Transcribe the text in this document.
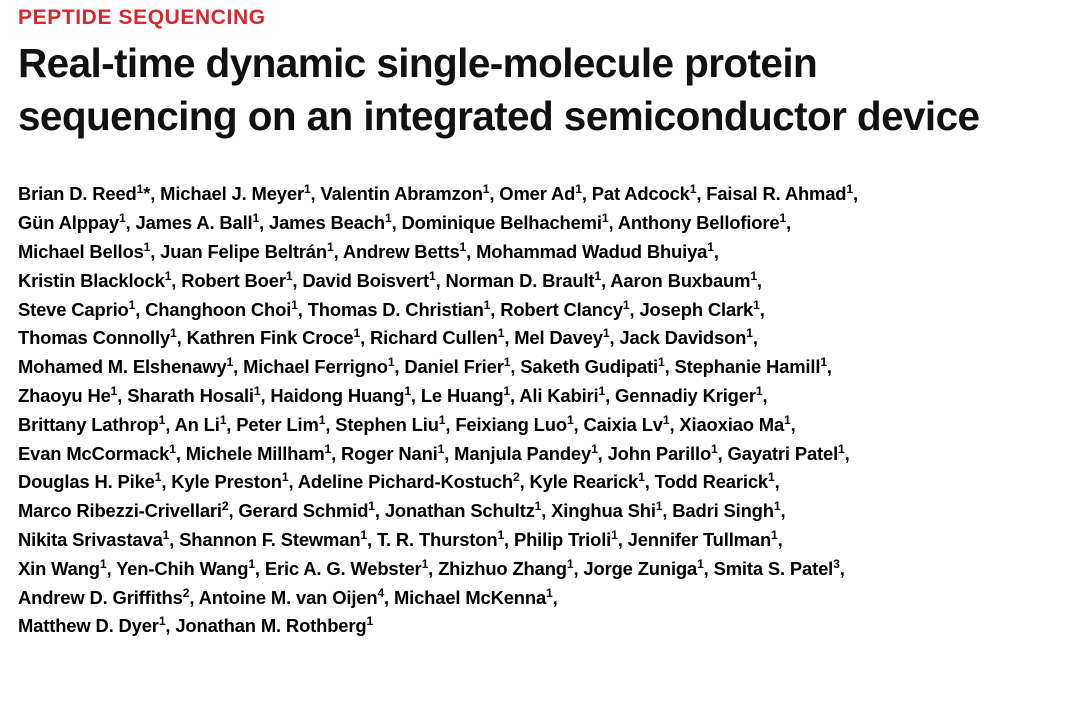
PEPTIDE SEQUENCING
Real-time dynamic single-molecule protein
sequencing on an integrated semiconductor device
Brian D. Reed$^1$*, Michael J. Meyer$^1$, Valentin Abramzon$^1$, Omer Ad$^1$, Pat Adcock$^1$, Faisal R. Ahmad$^1$,
Gün Alppay$^1$, James A. Ball$^1$, James Beach$^1$, Dominique Belhachemi$^1$, Anthony Bellofiore$^1$,
Michael Bellos$^1$, Juan Felipe Beltrán$^1$, Andrew Betts$^1$, Mohammad Wadud Bhuiya$^1$,
Kristin Blacklock$^1$, Robert Boer$^1$, David Boisvert$^1$, Norman D. Brault$^1$, Aaron Buxbaum$^1$,
Steve Caprio$^1$, Changhoon Choi$^1$, Thomas D. Christian$^1$, Robert Clancy$^1$, Joseph Clark$^1$,
Thomas Connolly$^1$, Kathren Fink Croce$^1$, Richard Cullen$^1$, Mel Davey$^1$, Jack Davidson$^1$,
Mohamed M. Elshenawy$^1$, Michael Ferrigno$^1$, Daniel Frier$^1$, Saketh Gudipati$^1$, Stephanie Hamill$^1$,
Zhaoyu He$^1$, Sharath Hosali$^1$, Haidong Huang$^1$, Le Huang$^1$, Ali Kabiri$^1$, Gennadiy Kriger$^1$,
Brittany Lathrop$^1$, An Li$^1$, Peter Lim$^1$, Stephen Liu$^1$, Feixiang Luo$^1$, Caixia Lv$^1$, Xiaoxiao Ma$^1$,
Evan McCormack$^1$, Michele Millham$^1$, Roger Nani$^1$, Manjula Pandey$^1$, John Parillo$^1$, Gayatri Patel$^1$,
Douglas H. Pike$^1$, Kyle Preston$^1$, Adeline Pichard-Kostuch$^2$, Kyle Rearick$^1$, Todd Rearick$^1$,
Marco Ribezzi-Crivellari$^2$, Gerard Schmid$^1$, Jonathan Schultz$^1$, Xinghua Shi$^1$, Badri Singh$^1$,
Nikita Srivastava$^1$, Shannon F. Stewman$^1$, T. R. Thurston$^1$, Philip Trioli$^1$, Jennifer Tullman$^1$,
Xin Wang$^1$, Yen-Chih Wang$^1$, Eric A. G. Webster$^1$, Zhizhuo Zhang$^1$, Jorge Zuniga$^1$, Smita S. Patel$^3$,
Andrew D. Griffiths$^2$, Antoine M. van Oijen$^4$, Michael McKenna$^1$,
Matthew D. Dyer$^1$, Jonathan M. Rothberg$^1$
